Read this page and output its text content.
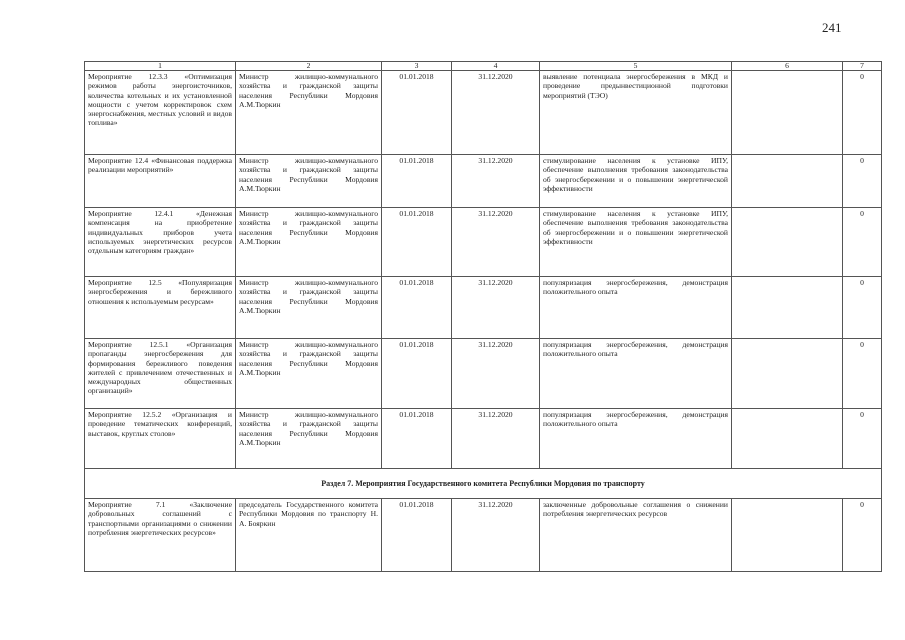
241
1	2	3	4	5	6	7
Мероприятие 12.3.3 «Оптимизация режимов работы энергоисточников, количества котельных и их установленной мощности с учетом корректировок схем энергоснабжения, местных условий и видов топлива»	Министр жилищно-коммунального хозяйства и гражданской защиты населения Республики Мордовия А.М.Тюркин	01.01.2018	31.12.2020	выявление потенциала энергосбережения в МКД и проведение предынвестиционной подготовки мероприятий (ТЭО)		0
Мероприятие 12.4 «Финансовая поддержка реализации мероприятий»	Министр жилищно-коммунального хозяйства и гражданской защиты населения Республики Мордовия А.М.Тюркин	01.01.2018	31.12.2020	стимулирование населения к установке ИПУ, обеспечение выполнения требования законодательства об энергосбережении и о повышении энергетической эффективности		0
Мероприятие 12.4.1 «Денежная компенсация на приобретение индивидуальных приборов учета используемых энергетических ресурсов отдельным категориям граждан»	Министр жилищно-коммунального хозяйства и гражданской защиты населения Республики Мордовия А.М.Тюркин	01.01.2018	31.12.2020	стимулирование населения к установке ИПУ, обеспечение выполнения требования законодательства об энергосбережении и о повышении энергетической эффективности		0
Мероприятие 12.5 «Популяризация энергосбережения и бережливого отношения к используемым ресурсам»	Министр жилищно-коммунального хозяйства и гражданской защиты населения Республики Мордовия А.М.Тюркин	01.01.2018	31.12.2020	популяризация энергосбережения, демонстрация положительного опыта		0
Мероприятие 12.5.1 «Организация пропаганды энергосбережения для формирования бережливого поведения жителей с привлечением отечественных и международных общественных организаций»	Министр жилищно-коммунального хозяйства и гражданской защиты населения Республики Мордовия А.М.Тюркин	01.01.2018	31.12.2020	популяризация энергосбережения, демонстрация положительного опыта		0
Мероприятие 12.5.2 «Организация и проведение тематических конференций, выставок, круглых столов»	Министр жилищно-коммунального хозяйства и гражданской защиты населения Республики Мордовия А.М.Тюркин	01.01.2018	31.12.2020	популяризация энергосбережения, демонстрация положительного опыта		0
Раздел 7. Мероприятия Государственного комитета Республики Мордовия по транспорту						
Мероприятие 7.1 «Заключение добровольных соглашений с транспортными организациями о снижении потребления энергетических ресурсов»	председатель Государственного комитета Республики Мордовия по транспорту Н. А. Бояркин	01.01.2018	31.12.2020	заключенные добровольные соглашения о снижении потребления энергетических ресурсов		0
